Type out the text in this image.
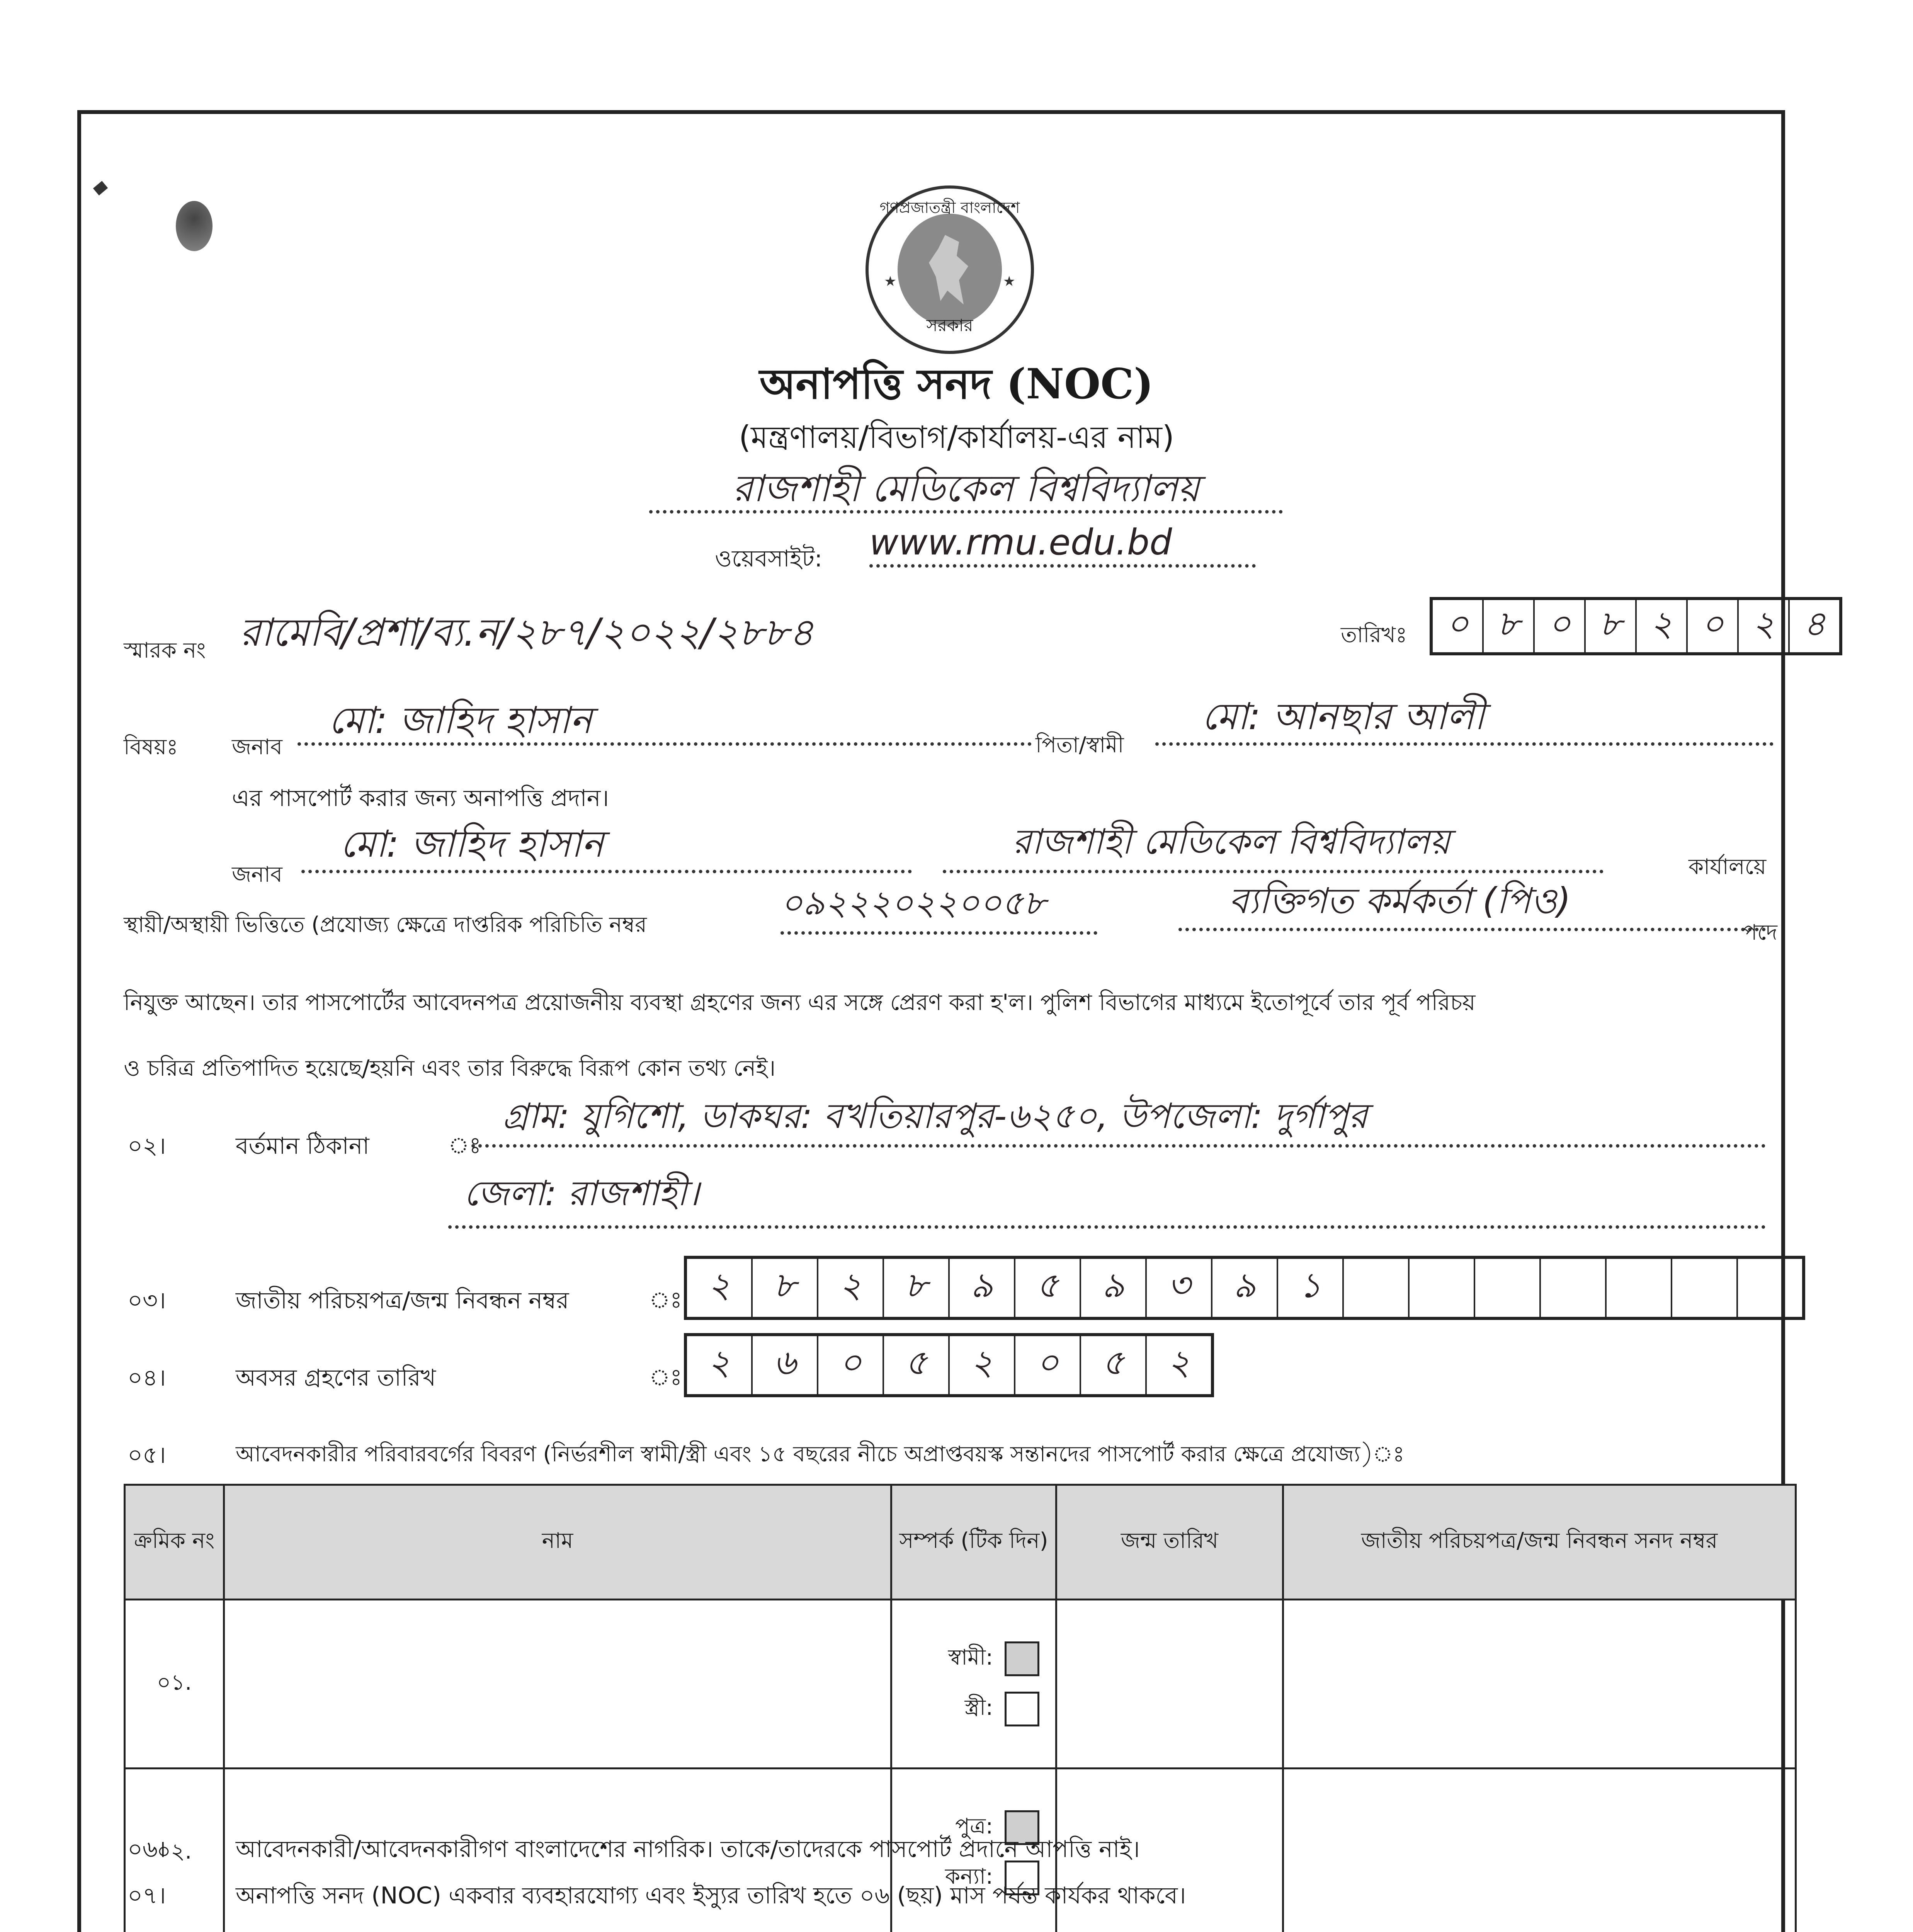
গণপ্রজাতন্ত্রী বাংলাদেশ
★	★
সরকার
অনাপত্তি সনদ (NOC)
(মন্ত্রণালয়/বিভাগ/কার্যালয়-এর নাম)
রাজশাহী মেডিকেল বিশ্ববিদ্যালয়
ওয়েবসাইট: www.rmu.edu.bd
স্মারক নং রামেবি/প্রশা/ব্য.ন/২৮৭/২০২২/২৮৮৪	তারিখঃ	০ ৮ ০ ৮ ২ ০ ২ ৪
বিষয়ঃ জনাব
মো: জাহিদ হাসান
পিতা/স্বামী
মো: আনছার আলী
এর পাসপোর্ট করার জন্য অনাপত্তি প্রদান।
জনাব
মো: জাহিদ হাসান	রাজশাহী মেডিকেল বিশ্ববিদ্যালয়
কার্যালয়ে
স্থায়ী/অস্থায়ী ভিত্তিতে (প্রযোজ্য ক্ষেত্রে দাপ্তরিক পরিচিতি নম্বর
০৯২২২০২২০০৫৮	ব্যক্তিগত কর্মকর্তা (পিও)
পদে
নিযুক্ত আছেন। তার পাসপোর্টের আবেদনপত্র প্রয়োজনীয় ব্যবস্থা গ্রহণের জন্য এর সঙ্গে প্রেরণ করা হ'ল। পুলিশ বিভাগের মাধ্যমে ইতোপূর্বে তার পূর্ব পরিচয়
ও চরিত্র প্রতিপাদিত হয়েছে/হয়নি এবং তার বিরুদ্ধে বিরূপ কোন তথ্য নেই।
০২।	বর্তমান ঠিকানা	ঃ
গ্রাম: যুগিশো, ডাকঘর: বখতিয়ারপুর-৬২৫০, উপজেলা: দুর্গাপুর
জেলা: রাজশাহী।
০৩।	জাতীয় পরিচয়পত্র/জন্ম নিবন্ধন নম্বর	ঃ ২	৮	২	৮	৯	৫	৯	৩	৯	১
০৪।	অবসর গ্রহণের তারিখ	ঃ ২	৬	০	৫	২	০	৫	২
০৫।	আবেদনকারীর পরিবারবর্গের বিবরণ (নির্ভরশীল স্বামী/স্ত্রী এবং ১৫ বছরের নীচে অপ্রাপ্তবয়স্ক সন্তানদের পাসপোর্ট করার ক্ষেত্রে প্রযোজ্য)ঃ
ক্রমিক নং	নাম	সম্পর্ক (টিক দিন)	জন্ম তারিখ	জাতীয় পরিচয়পত্র/জন্ম নিবন্ধন সনদ নম্বর
০১.		স্বামী:
স্ত্রী:		

০২.		পুত্র:
কন্যা:		

০৬।	আবেদনকারী/আবেদনকারীগণ বাংলাদেশের নাগরিক। তাকে/তাদেরকে পাসপোর্ট প্রদানে আপত্তি নাই।
০৭।	অনাপত্তি সনদ (NOC) একবার ব্যবহারযোগ্য এবং ইস্যুর তারিখ হতে ০৬ (ছয়) মাস পর্যন্ত কার্যকর থাকবে।
